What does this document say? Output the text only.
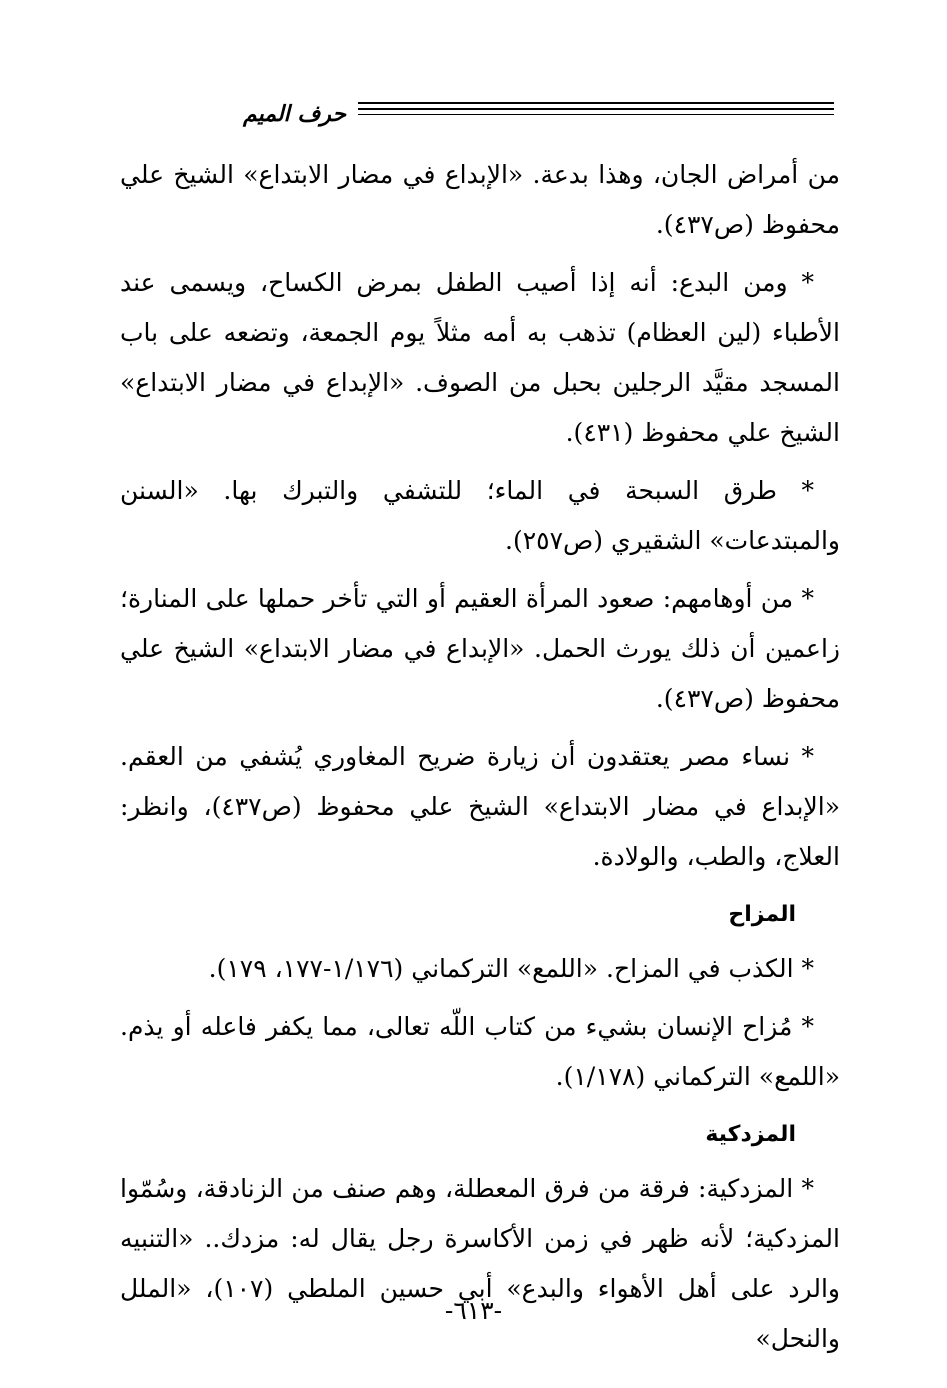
حرف الميم

من أمراض الجان، وهذا بدعة. «الإبداع في مضار الابتداع» الشيخ علي محفوظ (ص٤٣٧).

* ومن البدع: أنه إذا أصيب الطفل بمرض الكساح، ويسمى عند الأطباء (لين العظام) تذهب به أمه مثلاً يوم الجمعة، وتضعه على باب المسجد مقيَّد الرجلين بحبل من الصوف. «الإبداع في مضار الابتداع» الشيخ علي محفوظ (٤٣١).

* طرق السبحة في الماء؛ للتشفي والتبرك بها. «السنن والمبتدعات» الشقيري (ص٢٥٧).

* من أوهامهم: صعود المرأة العقيم أو التي تأخر حملها على المنارة؛ زاعمين أن ذلك يورث الحمل. «الإبداع في مضار الابتداع» الشيخ علي محفوظ (ص٤٣٧).

* نساء مصر يعتقدون أن زيارة ضريح المغاوري يُشفي من العقم. «الإبداع في مضار الابتداع» الشيخ علي محفوظ (ص٤٣٧)، وانظر: العلاج، والطب، والولادة.

المزاح

* الكذب في المزاح. «اللمع» التركماني (١/١٧٦-١٧٧، ١٧٩).

* مُزاح الإنسان بشيء من كتاب اللّه تعالى، مما يكفر فاعله أو يذم. «اللمع» التركماني (١/١٧٨).

المزدكية

* المزدكية: فرقة من فرق المعطلة، وهم صنف من الزنادقة، وسُمّوا المزدكية؛ لأنه ظهر في زمن الأكاسرة رجل يقال له: مزدك.. «التنبيه والرد على أهل الأهواء والبدع» أبي حسين الملطي (١٠٧)، «الملل والنحل»

-٦١٣-
